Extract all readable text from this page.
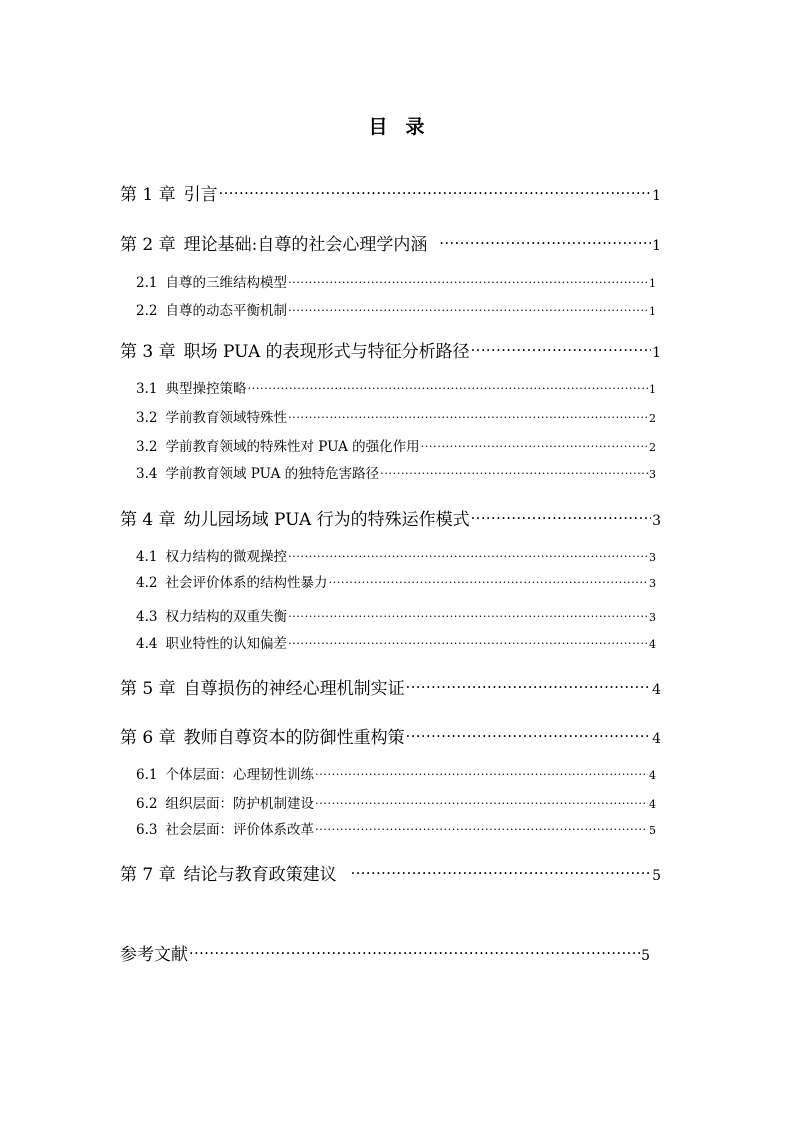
目 录
第 1 章 引言 ·····	1
第 2 章 理论基础:自尊的社会心理学内涵 ·····	1
2.1 自尊的三维结构模型 ·····	1
2.2 自尊的动态平衡机制 ·····	1
第 3 章 职场 PUA 的表现形式与特征分析路径 ·····	1
3.1 典型操控策略 ·····	1
3.2 学前教育领域特殊性 ·····	2
3.2 学前教育领域的特殊性对 PUA 的强化作用 ·····	2
3.4 学前教育领域 PUA 的独特危害路径 ·····	3
第 4 章 幼儿园场域 PUA 行为的特殊运作模式 ·····	3
4.1 权力结构的微观操控 ·····	3
4.2 社会评价体系的结构性暴力 ·····	3
4.3 权力结构的双重失衡 ·····	3
4.4 职业特性的认知偏差 ·····	4
第 5 章 自尊损伤的神经心理机制实证 ·····	4
第 6 章 教师自尊资本的防御性重构策 ·····	4
6.1 个体层面：心理韧性训练 ·····	4
6.2 组织层面：防护机制建设 ·····	4
6.3 社会层面：评价体系改革 ·····	5
第 7 章 结论与教育政策建议 ·····	5
参考文献 ·····	5
